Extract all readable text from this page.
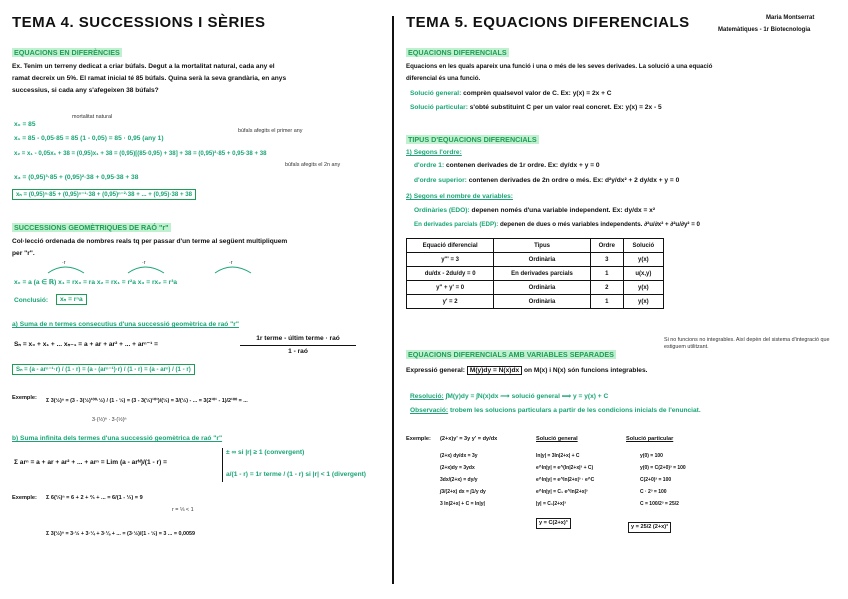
TEMA 4. SUCCESSIONS I SÈRIES
EQUACIONS EN DIFERÈNCIES
Ex. Tenim un terreny dedicat a criar búfals. Degut a la mortalitat natural, cada any el
ramat decreix un 5%. El ramat inicial té 85 búfals. Quina serà la seva grandària, en anys
successius, si cada any s'afegeixen 38 búfals?
x₀ = 85
mortalitat natural
x₁ = 85 - 0,05·85 = 85 (1 - 0,05) = 85 · 0,95 (any 1)
búfals afegits el primer any
x₂ = x₁ - 0,05x₁ + 38 = (0,95)x₁ + 38 = (0,95)[(85·0,95) + 38] + 38 = (0,95)²·85 + 0,95·38 + 38
búfals afegits el 2n any
x₃ = (0,95)³·85 + (0,95)²·38 + 0,95·38 + 38
xₙ = (0,95)ⁿ·85 + (0,95)ⁿ⁻¹·38 + (0,95)ⁿ⁻²·38 + ... + (0,95)·38 + 38
SUCCESSIONS GEOMÈTRIQUES DE RAÓ "r"
Col·lecció ordenada de nombres reals tq per passar d'un terme al següent multipliquem
per "r".
·r	·r	·r
x₀ = a (a ∈ ℝ) x₁ = rx₀ = ra x₂ = rx₁ = r²a x₃ = rx₂ = r³a
Conclusió:	xₙ = rⁿa
a) Suma de n termes consecutius d'una successió geomètrica de raó "r"
Sₙ = x₀ + x₁ + ... xₙ₋₁ = a + ar + ar² + ... + arⁿ⁻¹ =
1r terme - últim terme · raó
1 - raó
Sₙ = (a - arⁿ⁻¹·r) / (1 - r) = (a - (arⁿ⁻¹)·r) / (1 - r) = (a - arⁿ) / (1 - r)
Exemple: Σ 3(½)ⁿ = (3 - 3(½)¹⁰⁰·½) / (1 - ½) = (3 - 3(½)¹⁰¹)/(½) = 3/(½) - ... = 3(2¹⁰¹ - 1)/2¹⁰⁰ = ...
3·(½)ⁿ · 3·(½)ⁿ
b) Suma infinita dels termes d'una successió geomètrica de raó "r"
Σ arⁿ = a + ar + ar² + ... + arⁿ = Lim (a - arᴺ)/(1 - r) =
± ∞ si |r| ≥ 1 (convergent)
a/(1 - r) = 1r terme / (1 - r) si |r| < 1 (divergent)
Exemple: Σ 6(⅓)ⁿ = 6 + 2 + ⅔ + ... = 6/(1 - ⅓) = 9
r = ⅓ < 1
Σ 3(½)ⁿ = 3·½ + 3·¼ + 3·⅛ + ... = (3·½)/(1 - ½) = 3 ... = 0,0059
TEMA 5. EQUACIONS DIFERENCIALS	Maria Montserrat
Matemàtiques - 1r Biotecnologia
EQUACIONS DIFERENCIALS
Equacions en les quals apareix una funció i una o més de les seves derivades. La solució a una equació
diferencial és una funció.
Solució general: comprèn qualsevol valor de C. Ex: y(x) = 2x + C
Solució particular: s'obté substituint C per un valor real concret. Ex: y(x) = 2x - 5
TIPUS D'EQUACIONS DIFERENCIALS
1) Segons l'ordre:
d'ordre 1: contenen derivades de 1r ordre. Ex: dy/dx + y = 0
d'ordre superior: contenen derivades de 2n ordre o més. Ex: d²y/dx² + 2 dy/dx + y = 0
2) Segons el nombre de variables:
Ordinàries (EDO): depenen només d'una variable independent. Ex: dy/dx = x²
En derivades parcials (EDP): depenen de dues o més variables independents. ∂²u/∂x² + ∂²u/∂y² = 0
Equació diferencial	Tipus	Ordre	Solució
y''' = 3	Ordinària	3	y(x)
du/dx - 2du/dy = 0	En derivades parcials	1	u(x,y)
y'' + y' = 0	Ordinària	2	y(x)
y' = 2	Ordinària	1	y(x)
EQUACIONS DIFERENCIALS AMB VARIABLES SEPARADES
Si no funcions no integrables. Així depèn del sistema d'integració que estiguem utilitzant.
Expressió general: M(y)dy = N(x)dx on M(x) i N(x) són funcions integrables.
Resolució: ∫M(y)dy = ∫N(x)dx ⟿ solució general ⟹ y = y(x) + C
Observació: trobem les solucions particulars a partir de les condicions inicials de l'enunciat.
Exemple: (2+x)y' = 3y y' = dy/dx
(2+x) dy/dx = 3y
(2+x)dy = 3ydx
3dx/(2+x) = dy/y
∫3/(2+x) dx = ∫1/y dy
3 ln|2+x| + C = ln|y|
Solució general
ln|y| = 3ln|2+x| + C
e^ln|y| = e^(ln|2+x|³ + C)
e^ln|y| = e^ln|2+x|³ · e^C
e^ln|y| = C₁ e^ln|2+x|³
|y| = C₁|2+x|³
y = C(2+x)³
Solució particular
y(0) = 100
y(0) = C(2+0)³ = 100
C(2+0)³ = 100
C · 2³ = 100
C = 100/2³ = 25/2
y = 25/2 (2+x)³
